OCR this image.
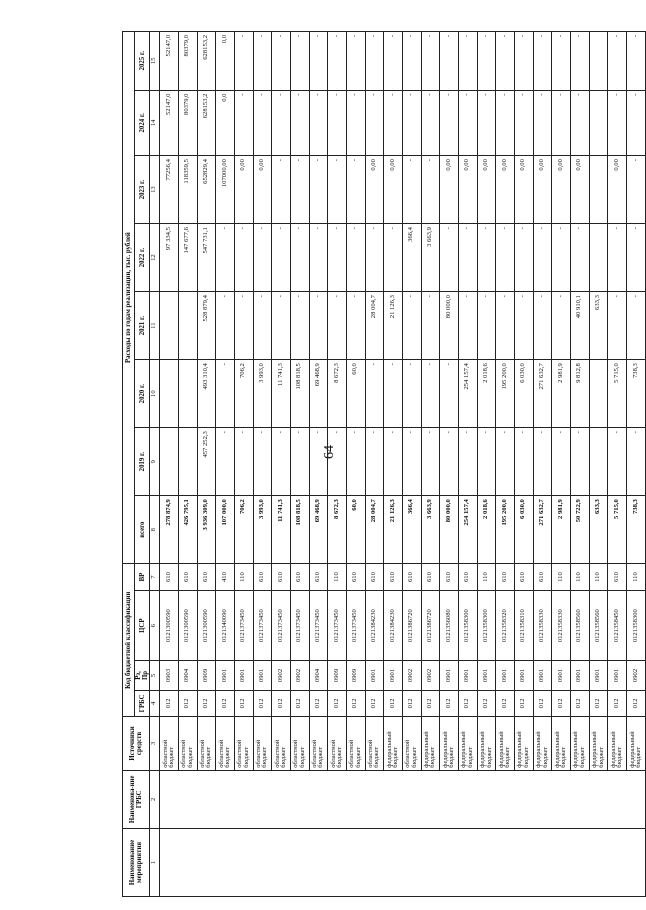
64
Наименование мероприятия	Наименова-ние ГРБС	Источники средств	Код бюджетной классификации				Расходы по годам реализации, тыс. рублей							
			ГРБС	Рз,
Пр	ЦСР	ВР	всего	2019 г.	2020 г.	2021 г.	2022 г.	2023 г.	2024 г.	2025 г.
1	2	3	4	5	6	7	8	9	10	11	12	13	14	15
		областной бюджет	012	0903	0121300590	610	278 874,9				97 334,5	77256,4	52147,0	52147,0
		областной бюджет	012	0904	0121300590	610	426 795,1				147 677,6	118359,5	80379,0	80379,0
		областной бюджет	012	0909	0121300590	610	3 936 309,0	457 252,3	493 310,4	528 879,4	547 731,1	652829,4	628153,2	628153,2
		областной бюджет	012	0901	0121340090	410	107 000,0	-	-	-	-	107000,00	0,0	0,0
		областной бюджет	012	0901	0121373450	110	706,2	-	706,2	-	-	0,00	-	-
		областной бюджет	012	0901	0121373450	610	3 993,0	-	3 993,0	-	-	0,00	-	-
		областной бюджет	012	0902	0121373450	610	11 741,3	-	11 741,3	-	-	-	-	-
		областной бюджет	012	0902	0121373450	610	108 818,5	-	108 818,5	-	-	-	-	-
		областной бюджет	012	0904	0121373450	610	69 468,9	-	69 468,9	-	-	-	-	-
		областной бюджет	012	0909	0121373450	110	8 672,3	-	8 672,3	-	-	-	-	-
		областной бюджет	012	0909	0121373450	610	60,0	-	60,0	-	-	-	-	-
		областной бюджет	012	0901	0121384230	610	28 004,7	-	-	28 004,7	-	0,00	-	-
		федеральный бюджет	012	0901	0121384230	610	21 126,3	-	-	21 126,3	-	0,00	-	-
		областной бюджет	012	0902	0121386720	610	366,4	-	-	-	366,4	-	-	-
		федеральный бюджет	012	0902	0121386720	610	3 663,9	-	-	-	3 663,9	-	-	-
		федеральный бюджет	012	0901	0121356080	610	80 000,0	-	-	80 000,0	-	0,00	-	-
		федеральный бюджет	012	0901	0121358300	610	254 157,4	-	254 157,4	-	-	0,00	-	-
		федеральный бюджет	012	0901	0121358300	110	2 018,6	-	2 018,6	-	-	0,00	-	-
		федеральный бюджет	012	0901	0121358320	610	195 200,0	-	195 200,0	-	-	0,00	-	-
		федеральный бюджет	012	0901	0121358310	610	6 030,0	-	6 030,0	-	-	0,00	-	-
		федеральный бюджет	012	0901	0121358330	610	271 632,7	-	271 632,7	-	-	0,00	-	-
		федеральный бюджет	012	0901	0121358330	110	2 981,9	-	2 981,9	-	-	0,00	-	-
		федеральный бюджет	012	0901	0121358560	110	50 722,9	-	9 812,8	40 910,1	-	0,00	-	-
		федеральный бюджет	012	0901	0121358560	110	633,3			633,3				
		федеральный бюджет	012	0901	0121358450	610	5 715,0	-	5 715,0	-	-	0,00	-	-
		федеральный бюджет	012	0902	0121358300	110	738,3	-	738,3	-	-	-	-	-
